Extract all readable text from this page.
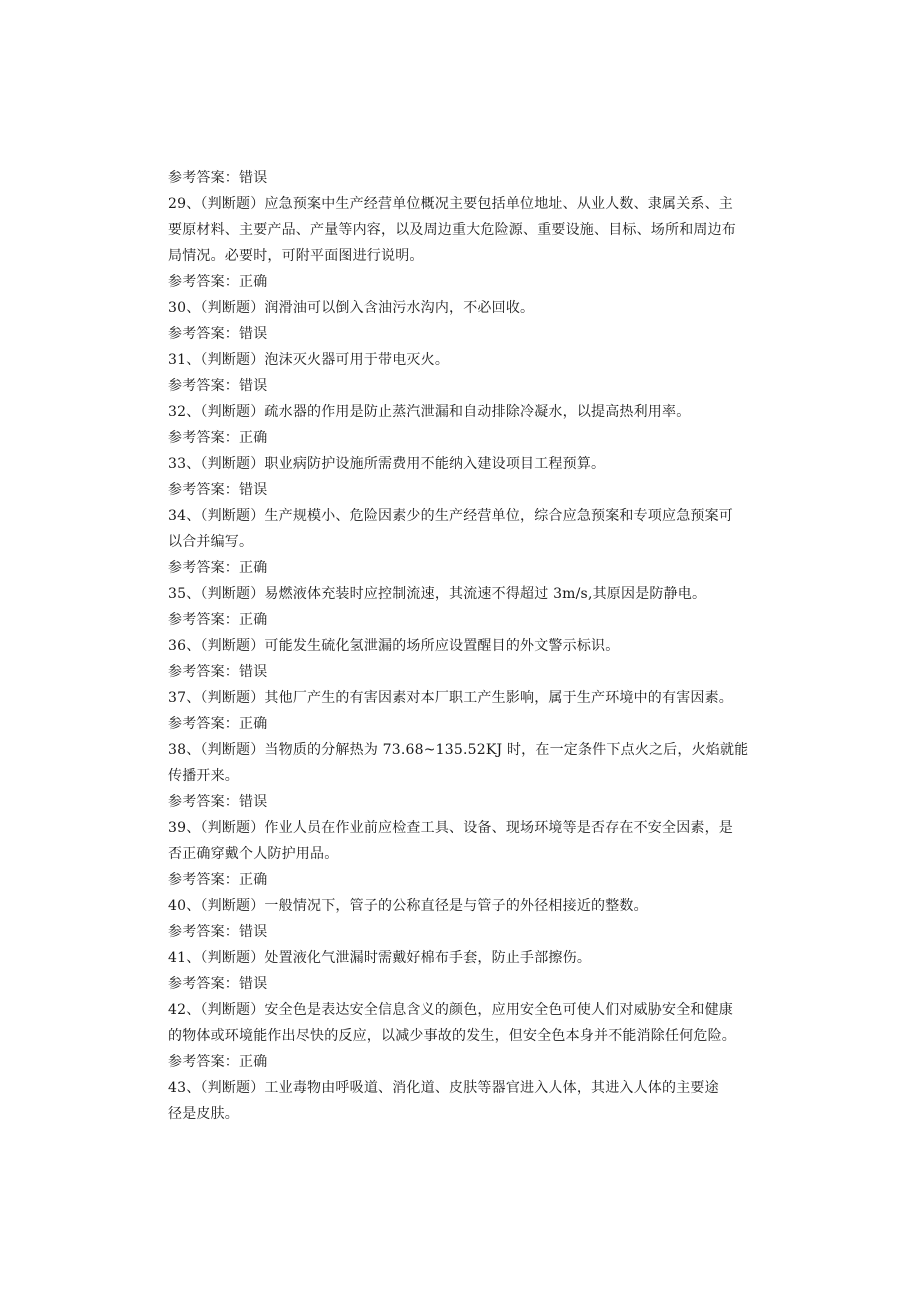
参考答案：错误
29、（判断题）应急预案中生产经营单位概况主要包括单位地址、从业人数、隶属关系、主
要原材料、主要产品、产量等内容，以及周边重大危险源、重要设施、目标、场所和周边布
局情况。必要时，可附平面图进行说明。
参考答案：正确
30、（判断题）润滑油可以倒入含油污水沟内，不必回收。
参考答案：错误
31、（判断题）泡沫灭火器可用于带电灭火。
参考答案：错误
32、（判断题）疏水器的作用是防止蒸汽泄漏和自动排除冷凝水，以提高热利用率。
参考答案：正确
33、（判断题）职业病防护设施所需费用不能纳入建设项目工程预算。
参考答案：错误
34、（判断题）生产规模小、危险因素少的生产经营单位，综合应急预案和专项应急预案可
以合并编写。
参考答案：正确
35、（判断题）易燃液体充装时应控制流速，其流速不得超过 3m/s,其原因是防静电。
参考答案：正确
36、（判断题）可能发生硫化氢泄漏的场所应设置醒目的外文警示标识。
参考答案：错误
37、（判断题）其他厂产生的有害因素对本厂职工产生影响，属于生产环境中的有害因素。
参考答案：正确
38、（判断题）当物质的分解热为 73.68~135.52KJ 时，在一定条件下点火之后，火焰就能
传播开来。
参考答案：错误
39、（判断题）作业人员在作业前应检查工具、设备、现场环境等是否存在不安全因素，是
否正确穿戴个人防护用品。
参考答案：正确
40、（判断题）一般情况下，管子的公称直径是与管子的外径相接近的整数。
参考答案：错误
41、（判断题）处置液化气泄漏时需戴好棉布手套，防止手部擦伤。
参考答案：错误
42、（判断题）安全色是表达安全信息含义的颜色，应用安全色可使人们对威胁安全和健康
的物体或环境能作出尽快的反应，以减少事故的发生，但安全色本身并不能消除任何危险。
参考答案：正确
43、（判断题）工业毒物由呼吸道、消化道、皮肤等器官进入人体，其进入人体的主要途
径是皮肤。
